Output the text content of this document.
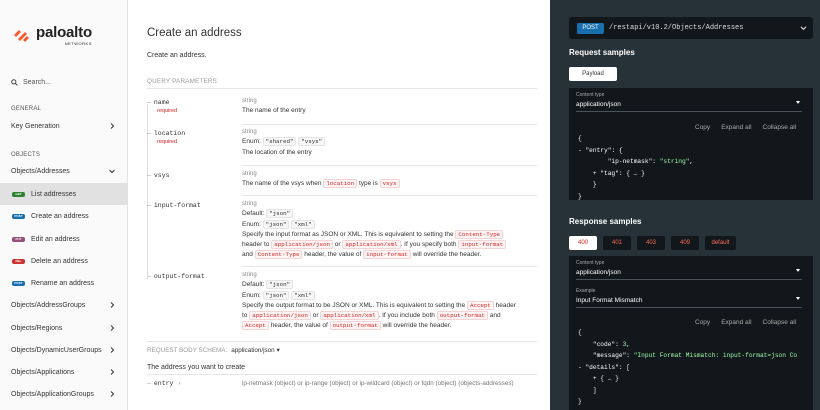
paloalto
NETWORKS
Search...
GENERAL
Key Generation
OBJECTS
Objects/Addresses
GET	List addresses
POST	Create an address
PUT	Edit an address
DEL	Delete an address
POST	Rename an address
Objects/AddressGroups
Objects/Regions
Objects/DynamicUserGroups
Objects/Applications
Objects/ApplicationGroups
Create an address
Create an address.
QUERY PARAMETERS
— name
required
string
The name of the entry
— location
required
string
Enum: "shared" "vsys"
The location of the entry
— vsys	string
The name of the vsys when location type is vsys
— input-format	string
Default: "json"
Enum: "json" "xml"
Specify the input format as JSON or XML. This is equivalent to setting the Content-Type
header to application/json or application/xml . If you specify both input-format
and Content-Type header, the value of input-format will override the header.
— output-format	string
Default: "json"
Enum: "json" "xml"
Specify the output format to be JSON or XML. This is equivalent to setting the Accept header
to application/json or application/xml . If you include both output-format and
Accept header, the value of output-format will override the header.
REQUEST BODY SCHEMA: application/json ▾
The address you want to create
— entry ›	ip-netmask (object) or ip-range (object) or ip-wildcard (object) or fqdn (object) (objects-addresses)
POST	/restapi/v10.2/Objects/Addresses
Request samples
Payload
Content type
application/json
Copy Expand all Collapse all
{
- "entry": {
"ip-netmask": "string",
+ "tag": { … }
}
}
Response samples
400	401	403	409	default
Content type
application/json
Example
Input Format Mismatch
Copy Expand all Collapse all
{
"code": 3,
"message": "Input Format Mismatch: input-format=json Co
- "details": [
+ { … }
]
}
